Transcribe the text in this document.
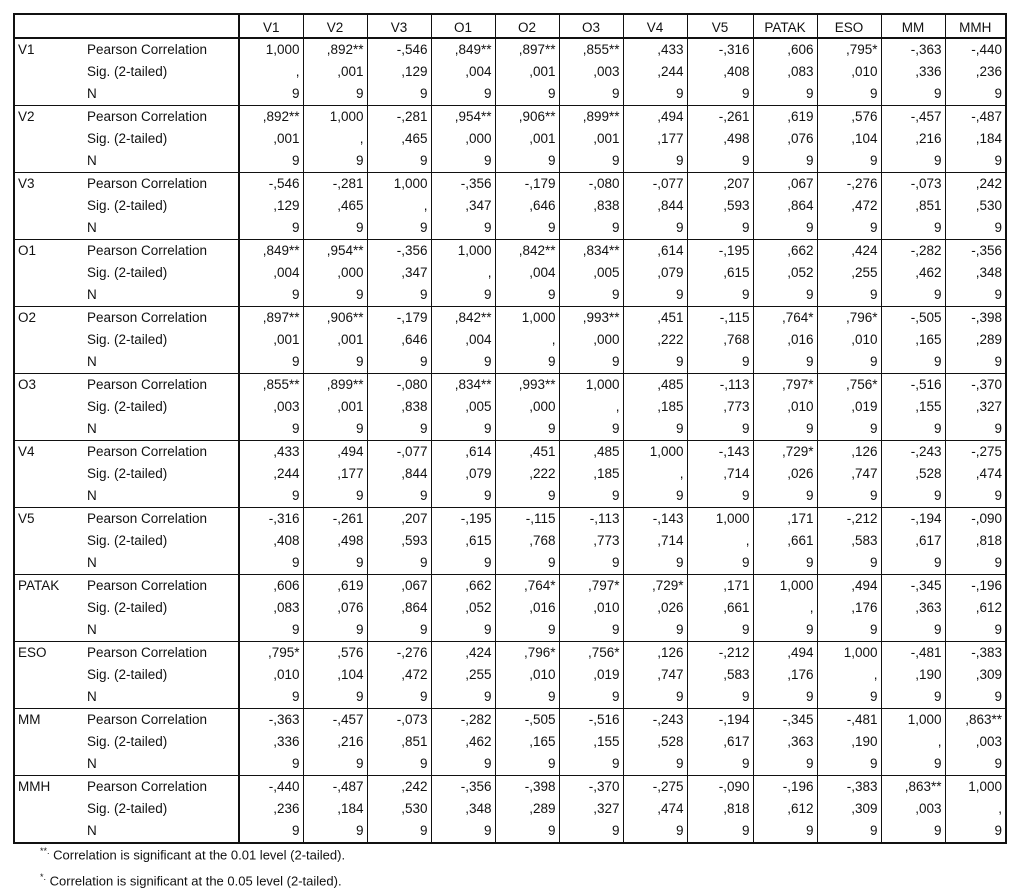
		V1	V2	V3	O1	O2	O3	V4	V5	PATAK	ESO	MM	MMH
V1	Pearson Correlation	1,000	,892**	-,546	,849**	,897**	,855**	,433	-,316	,606	,795*	-,363	-,440
	Sig. (2-tailed)	,	,001	,129	,004	,001	,003	,244	,408	,083	,010	,336	,236
	N	9	9	9	9	9	9	9	9	9	9	9	9
V2	Pearson Correlation	,892**	1,000	-,281	,954**	,906**	,899**	,494	-,261	,619	,576	-,457	-,487
	Sig. (2-tailed)	,001	,	,465	,000	,001	,001	,177	,498	,076	,104	,216	,184
	N	9	9	9	9	9	9	9	9	9	9	9	9
V3	Pearson Correlation	-,546	-,281	1,000	-,356	-,179	-,080	-,077	,207	,067	-,276	-,073	,242
	Sig. (2-tailed)	,129	,465	,	,347	,646	,838	,844	,593	,864	,472	,851	,530
	N	9	9	9	9	9	9	9	9	9	9	9	9
O1	Pearson Correlation	,849**	,954**	-,356	1,000	,842**	,834**	,614	-,195	,662	,424	-,282	-,356
	Sig. (2-tailed)	,004	,000	,347	,	,004	,005	,079	,615	,052	,255	,462	,348
	N	9	9	9	9	9	9	9	9	9	9	9	9
O2	Pearson Correlation	,897**	,906**	-,179	,842**	1,000	,993**	,451	-,115	,764*	,796*	-,505	-,398
	Sig. (2-tailed)	,001	,001	,646	,004	,	,000	,222	,768	,016	,010	,165	,289
	N	9	9	9	9	9	9	9	9	9	9	9	9
O3	Pearson Correlation	,855**	,899**	-,080	,834**	,993**	1,000	,485	-,113	,797*	,756*	-,516	-,370
	Sig. (2-tailed)	,003	,001	,838	,005	,000	,	,185	,773	,010	,019	,155	,327
	N	9	9	9	9	9	9	9	9	9	9	9	9
V4	Pearson Correlation	,433	,494	-,077	,614	,451	,485	1,000	-,143	,729*	,126	-,243	-,275
	Sig. (2-tailed)	,244	,177	,844	,079	,222	,185	,	,714	,026	,747	,528	,474
	N	9	9	9	9	9	9	9	9	9	9	9	9
V5	Pearson Correlation	-,316	-,261	,207	-,195	-,115	-,113	-,143	1,000	,171	-,212	-,194	-,090
	Sig. (2-tailed)	,408	,498	,593	,615	,768	,773	,714	,	,661	,583	,617	,818
	N	9	9	9	9	9	9	9	9	9	9	9	9
PATAK	Pearson Correlation	,606	,619	,067	,662	,764*	,797*	,729*	,171	1,000	,494	-,345	-,196
	Sig. (2-tailed)	,083	,076	,864	,052	,016	,010	,026	,661	,	,176	,363	,612
	N	9	9	9	9	9	9	9	9	9	9	9	9
ESO	Pearson Correlation	,795*	,576	-,276	,424	,796*	,756*	,126	-,212	,494	1,000	-,481	-,383
	Sig. (2-tailed)	,010	,104	,472	,255	,010	,019	,747	,583	,176	,	,190	,309
	N	9	9	9	9	9	9	9	9	9	9	9	9
MM	Pearson Correlation	-,363	-,457	-,073	-,282	-,505	-,516	-,243	-,194	-,345	-,481	1,000	,863**
	Sig. (2-tailed)	,336	,216	,851	,462	,165	,155	,528	,617	,363	,190	,	,003
	N	9	9	9	9	9	9	9	9	9	9	9	9
MMH	Pearson Correlation	-,440	-,487	,242	-,356	-,398	-,370	-,275	-,090	-,196	-,383	,863**	1,000
	Sig. (2-tailed)	,236	,184	,530	,348	,289	,327	,474	,818	,612	,309	,003	,
	N	9	9	9	9	9	9	9	9	9	9	9	9
**. Correlation is significant at the 0.01 level (2-tailed).
*. Correlation is significant at the 0.05 level (2-tailed).
